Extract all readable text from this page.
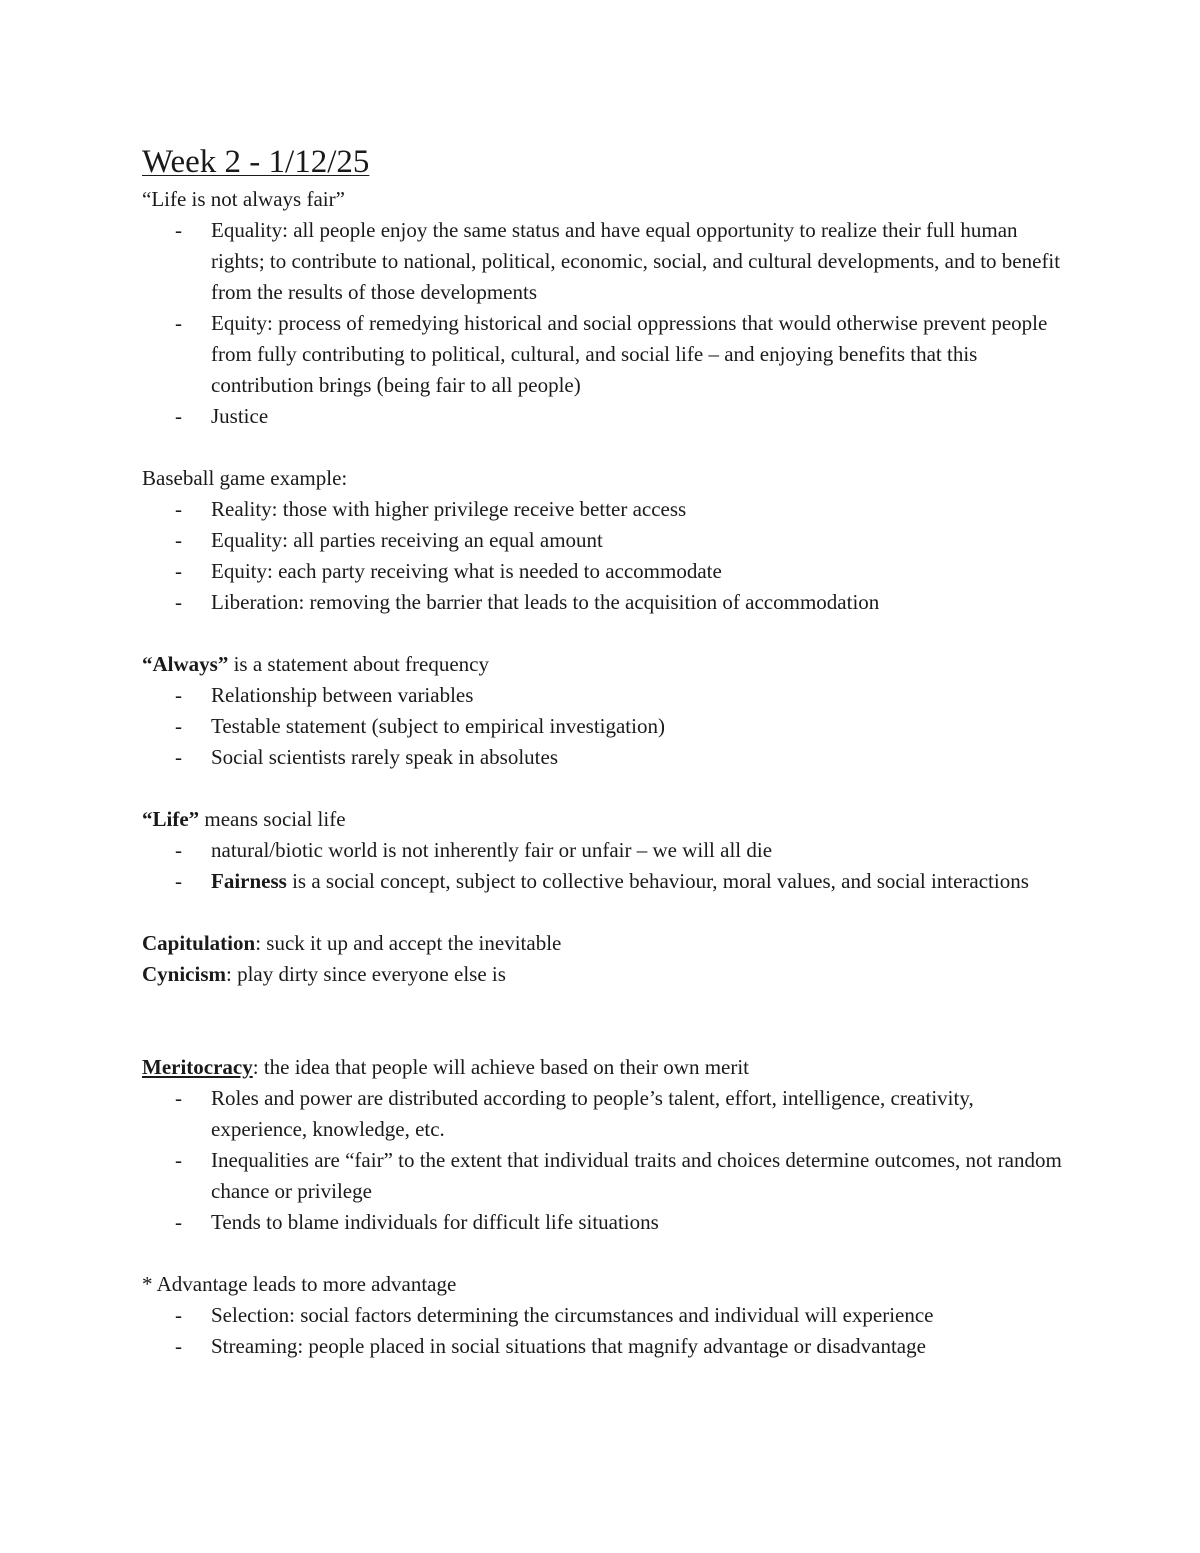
Week 2 - 1/12/25

“Life is not always fair”

- Equality: all people enjoy the same status and have equal opportunity to realize their full human rights; to contribute to national, political, economic, social, and cultural developments, and to benefit from the results of those developments
- Equity: process of remedying historical and social oppressions that would otherwise prevent people from fully contributing to political, cultural, and social life – and enjoying benefits that this contribution brings (being fair to all people)
- Justice

Baseball game example:

- Reality: those with higher privilege receive better access
- Equality: all parties receiving an equal amount
- Equity: each party receiving what is needed to accommodate
- Liberation: removing the barrier that leads to the acquisition of accommodation

“Always” is a statement about frequency

- Relationship between variables
- Testable statement (subject to empirical investigation)
- Social scientists rarely speak in absolutes

“Life” means social life

- natural/biotic world is not inherently fair or unfair – we will all die
- Fairness is a social concept, subject to collective behaviour, moral values, and social interactions

Capitulation: suck it up and accept the inevitable

Cynicism: play dirty since everyone else is

Meritocracy: the idea that people will achieve based on their own merit

- Roles and power are distributed according to people’s talent, effort, intelligence, creativity, experience, knowledge, etc.
- Inequalities are “fair” to the extent that individual traits and choices determine outcomes, not random chance or privilege
- Tends to blame individuals for difficult life situations

* Advantage leads to more advantage

- Selection: social factors determining the circumstances and individual will experience
- Streaming: people placed in social situations that magnify advantage or disadvantage
